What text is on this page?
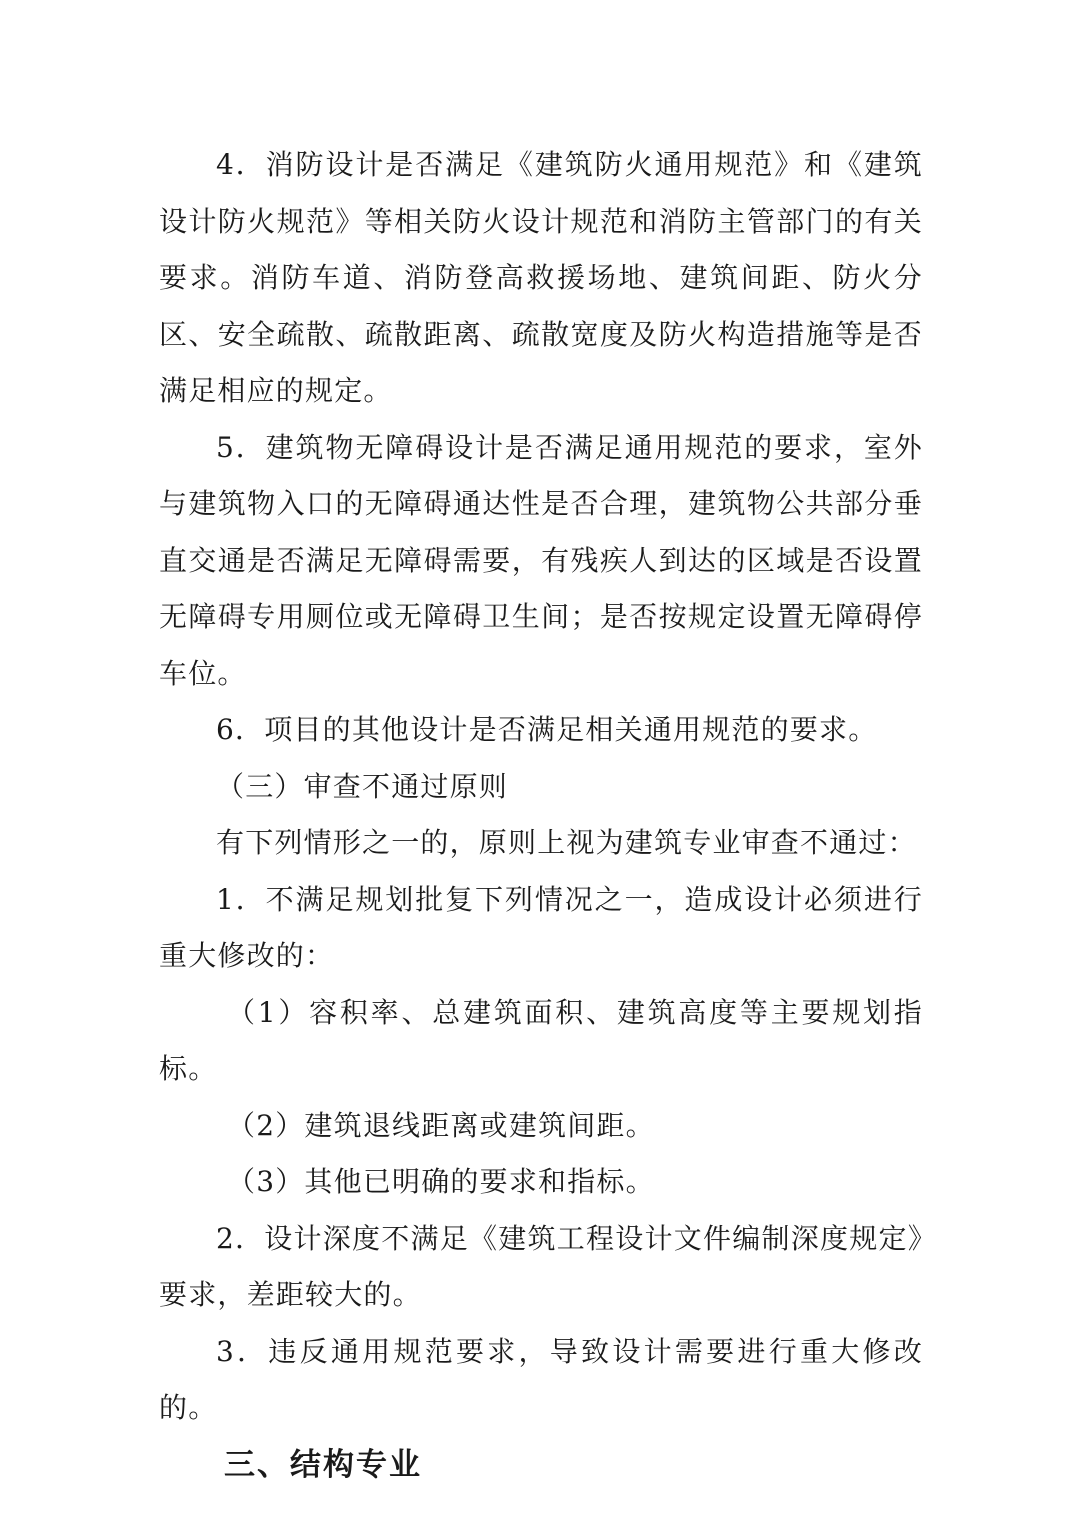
4．消防设计是否满足《建筑防火通用规范》和《建筑设计防火规范》等相关防火设计规范和消防主管部门的有关要求。消防车道、消防登高救援场地、建筑间距、防火分区、安全疏散、疏散距离、疏散宽度及防火构造措施等是否满足相应的规定。

5．建筑物无障碍设计是否满足通用规范的要求，室外与建筑物入口的无障碍通达性是否合理，建筑物公共部分垂直交通是否满足无障碍需要，有残疾人到达的区域是否设置无障碍专用厕位或无障碍卫生间；是否按规定设置无障碍停车位。

6．项目的其他设计是否满足相关通用规范的要求。

（三）审查不通过原则

有下列情形之一的，原则上视为建筑专业审查不通过：

1．不满足规划批复下列情况之一，造成设计必须进行重大修改的：

（1）容积率、总建筑面积、建筑高度等主要规划指标。

（2）建筑退线距离或建筑间距。

（3）其他已明确的要求和指标。

2．设计深度不满足《建筑工程设计文件编制深度规定》要求，差距较大的。

3．违反通用规范要求，导致设计需要进行重大修改的。

三、结构专业
